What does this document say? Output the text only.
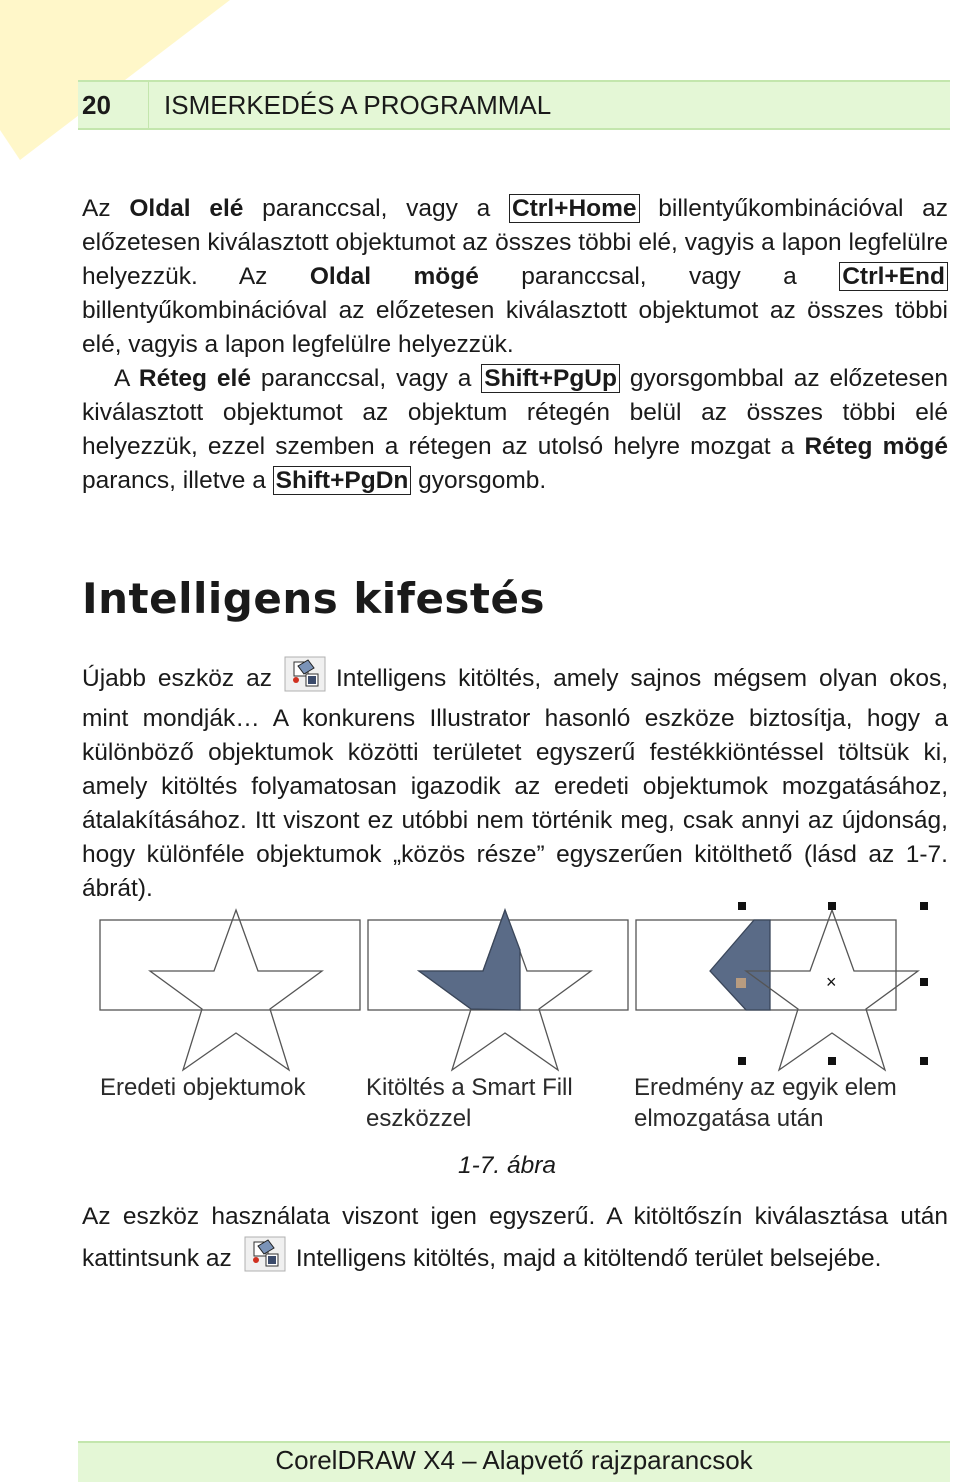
20 ISMERKEDÉS A PROGRAMMAL

Az Oldal elé paranccsal, vagy a Ctrl+Home billentyűkombinációval az előzetesen kiválasztott objektumot az összes többi elé, vagyis a lapon legfelülre helyezzük. Az Oldal mögé paranccsal, vagy a Ctrl+End billentyűkombinációval az előzetesen kiválasztott objektumot az összes többi elé, vagyis a lapon legfelülre helyezzük.

A Réteg elé paranccsal, vagy a Shift+PgUp gyorsgombbal az előzetesen kiválasztott objektumot az objektum rétegén belül az összes többi elé helyezzük, ezzel szemben a rétegen az utolsó helyre mozgat a Réteg mögé parancs, illetve a Shift+PgDn gyorsgomb.

Intelligens kifestés

Újabb eszköz az	Intelligens kitöltés, amely sajnos mégsem olyan okos, mint mondják… A konkurens Illustrator hasonló eszköze biztosítja, hogy a különböző objektumok közötti területet egyszerű festékkiöntéssel töltsük ki, amely kitöltés folyamatosan igazodik az eredeti objektumok mozgatásához, átalakításához. Itt viszont ez utóbbi nem történik meg, csak annyi az újdonság, hogy különféle objektumok „közös része” egyszerűen kitölthető (lásd az 1-7. ábrát).

×
Eredeti objektumok	Kitöltés a Smart Fill eszközzel
Eredmény az egyik elem elmozgatása után
1-7. ábra

Az eszköz használata viszont igen egyszerű. A kitöltőszín kiválasztása után kattintsunk az	Intelligens kitöltés, majd a kitöltendő terület belsejébe.

CorelDRAW X4 – Alapvető rajzparancsok
